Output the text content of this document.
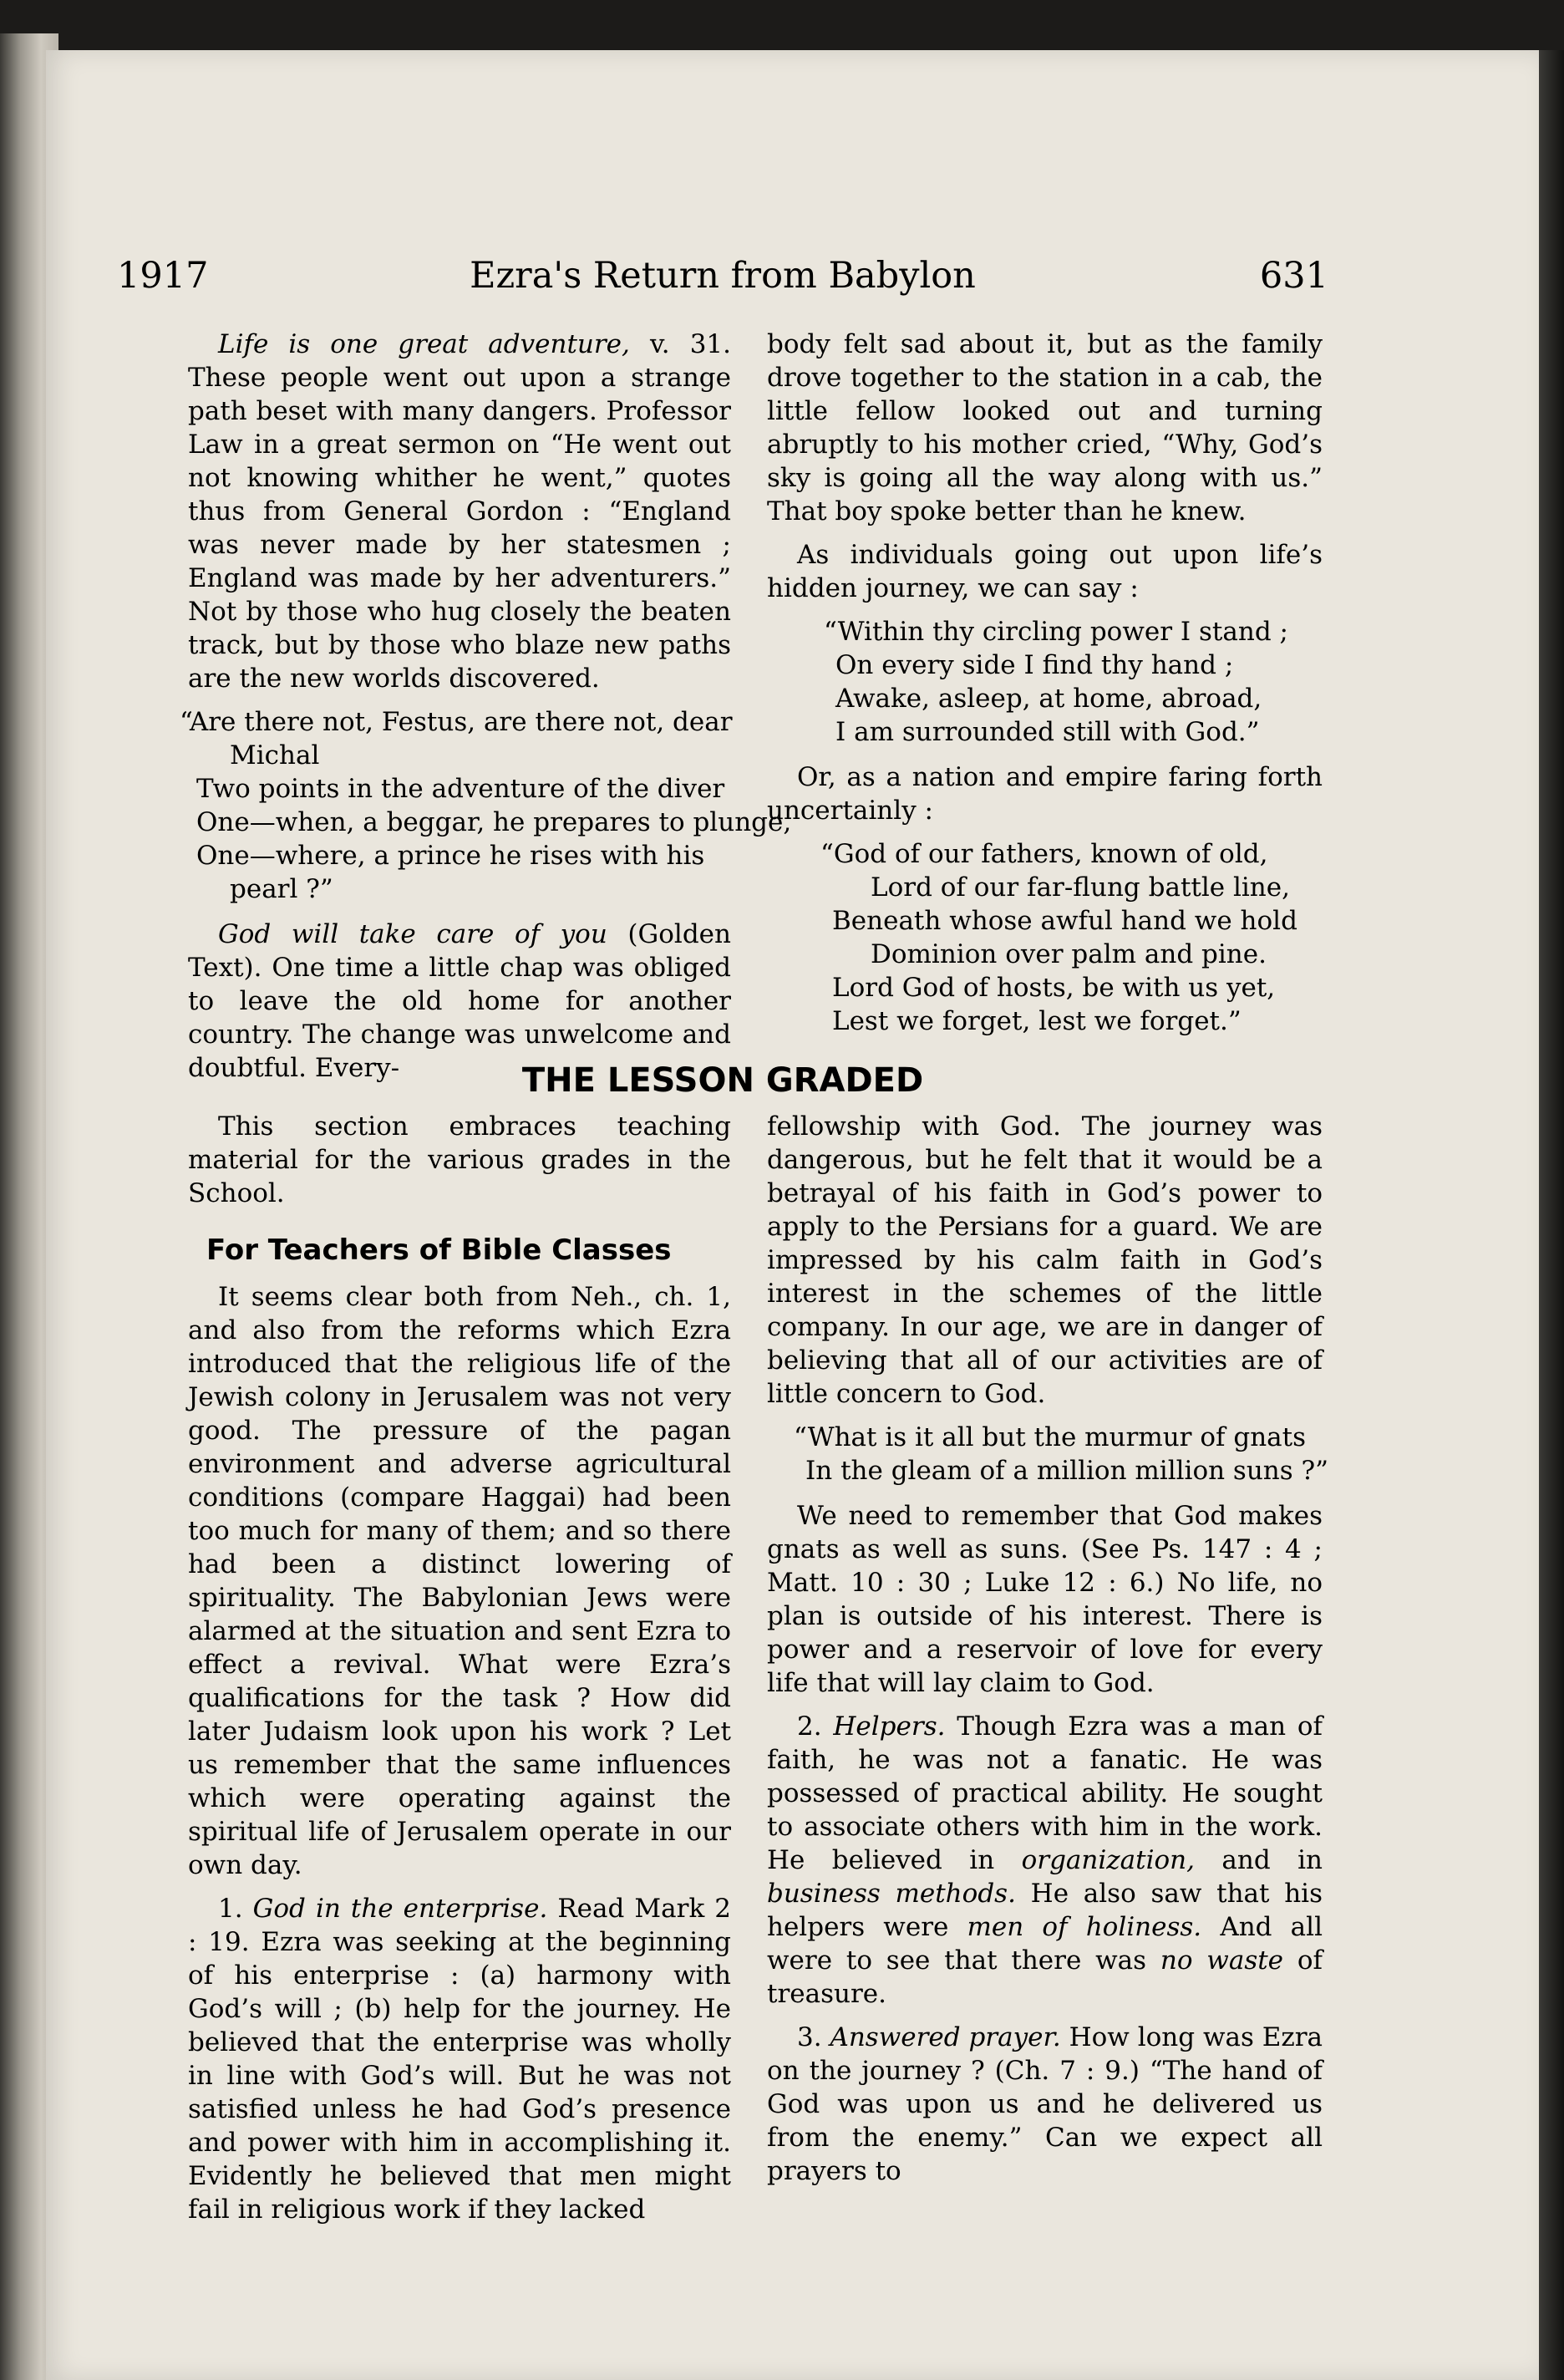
1917	Ezra's Return from Babylon	631

Life is one great adventure, v. 31. These people went out upon a strange path beset with many dangers. Professor Law in a great sermon on “He went out not knowing whither he went,” quotes thus from General Gordon : “England was never made by her statesmen ; England was made by her adventurers.” Not by those who hug closely the beaten track, but by those who blaze new paths are the new worlds discovered.

“Are there not, Festus, are there not, dear
Michal
Two points in the adventure of the diver
One—when, a beggar, he prepares to plunge,
One—where, a prince he rises with his
pearl ?”

God will take care of you (Golden Text). One time a little chap was obliged to leave the old home for another country. The change was unwelcome and doubtful. Every-

body felt sad about it, but as the family drove together to the station in a cab, the little fellow looked out and turning abruptly to his mother cried, “Why, God’s sky is going all the way along with us.” That boy spoke better than he knew.

As individuals going out upon life’s hidden journey, we can say :

“Within thy circling power I stand ;
On every side I find thy hand ;
Awake, asleep, at home, abroad,
I am surrounded still with God.”

Or, as a nation and empire faring forth uncertainly :

“God of our fathers, known of old,
Lord of our far-flung battle line,
Beneath whose awful hand we hold
Dominion over palm and pine.
Lord God of hosts, be with us yet,
Lest we forget, lest we forget.”
THE LESSON GRADED

This section embraces teaching material for the various grades in the School.

For Teachers of Bible Classes

It seems clear both from Neh., ch. 1, and also from the reforms which Ezra introduced that the religious life of the Jewish colony in Jerusalem was not very good. The pressure of the pagan environment and adverse agricultural conditions (compare Haggai) had been too much for many of them; and so there had been a distinct lowering of spirituality. The Babylonian Jews were alarmed at the situation and sent Ezra to effect a revival. What were Ezra’s qualifications for the task ? How did later Judaism look upon his work ? Let us remember that the same influences which were operating against the spiritual life of Jerusalem operate in our own day.

1. God in the enterprise. Read Mark 2 : 19. Ezra was seeking at the beginning of his enterprise : (a) harmony with God’s will ; (b) help for the journey. He believed that the enterprise was wholly in line with God’s will. But he was not satisfied unless he had God’s presence and power with him in accomplishing it. Evidently he believed that men might fail in religious work if they lacked

fellowship with God. The journey was dangerous, but he felt that it would be a betrayal of his faith in God’s power to apply to the Persians for a guard. We are impressed by his calm faith in God’s interest in the schemes of the little company. In our age, we are in danger of believing that all of our activities are of little concern to God.

“What is it all but the murmur of gnats
In the gleam of a million million suns ?”

We need to remember that God makes gnats as well as suns. (See Ps. 147 : 4 ; Matt. 10 : 30 ; Luke 12 : 6.) No life, no plan is outside of his interest. There is power and a reservoir of love for every life that will lay claim to God.

2. Helpers. Though Ezra was a man of faith, he was not a fanatic. He was possessed of practical ability. He sought to associate others with him in the work. He believed in organization, and in business methods. He also saw that his helpers were men of holiness. And all were to see that there was no waste of treasure.

3. Answered prayer. How long was Ezra on the journey ? (Ch. 7 : 9.) “The hand of God was upon us and he delivered us from the enemy.” Can we expect all prayers to
